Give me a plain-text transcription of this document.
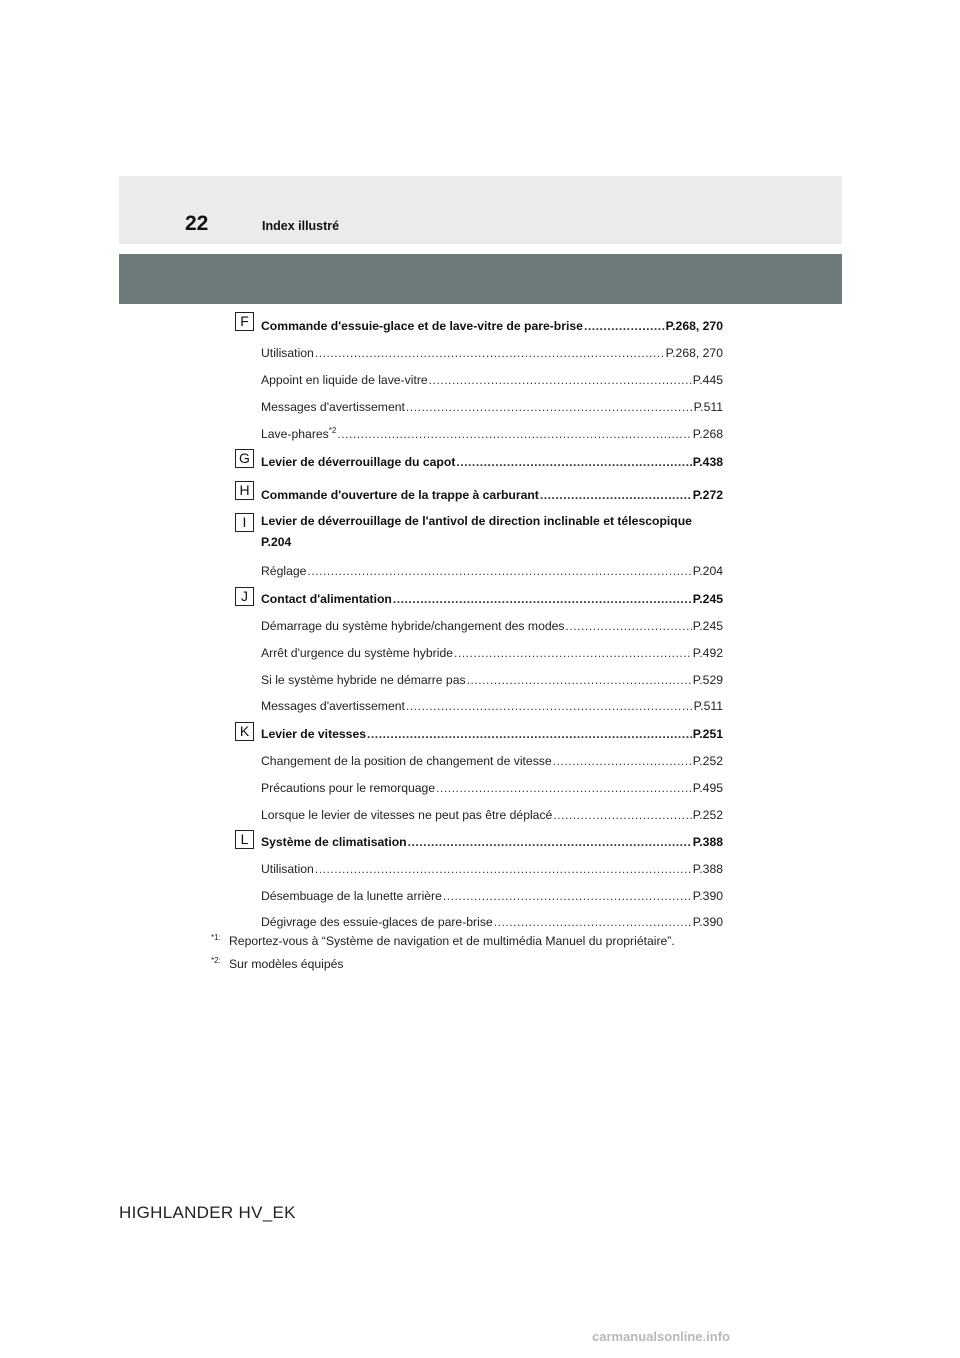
22	Index illustré
F	Commande d'essuie-glace et de lave-vitre de pare-brise .....	P.268, 270
Utilisation .....	P.268, 270
Appoint en liquide de lave-vitre .....	P.445
Messages d'avertissement .....	P.511
Lave-phares$^{*2}$ .....	P.268
G Levier de déverrouillage du capot .....	P.438
H Commande d'ouverture de la trappe à carburant .....	P.272
I	Levier de déverrouillage de l'antivol de direction inclinable et télescopique
P.204
Réglage .....	P.204
J	Contact d'alimentation .....	P.245
Démarrage du système hybride/changement des modes .....	P.245
Arrêt d'urgence du système hybride .....	P.492
Si le système hybride ne démarre pas .....	P.529
Messages d'avertissement .....	P.511
K Levier de vitesses .....	P.251
Changement de la position de changement de vitesse .....	P.252
Précautions pour le remorquage .....	P.495
Lorsque le levier de vitesses ne peut pas être déplacé .....	P.252
L	Système de climatisation .....	P.388
Utilisation .....	P.388
Désembuage de la lunette arrière .....	P.390
Dégivrage des essuie-glaces de pare-brise .....	P.390
$^{*1:}$ Reportez-vous à “Système de navigation et de multimédia Manuel du propriétaire”.
$^{*2:}$ Sur modèles équipés
HIGHLANDER HV_EK
carmanualsonline.info
